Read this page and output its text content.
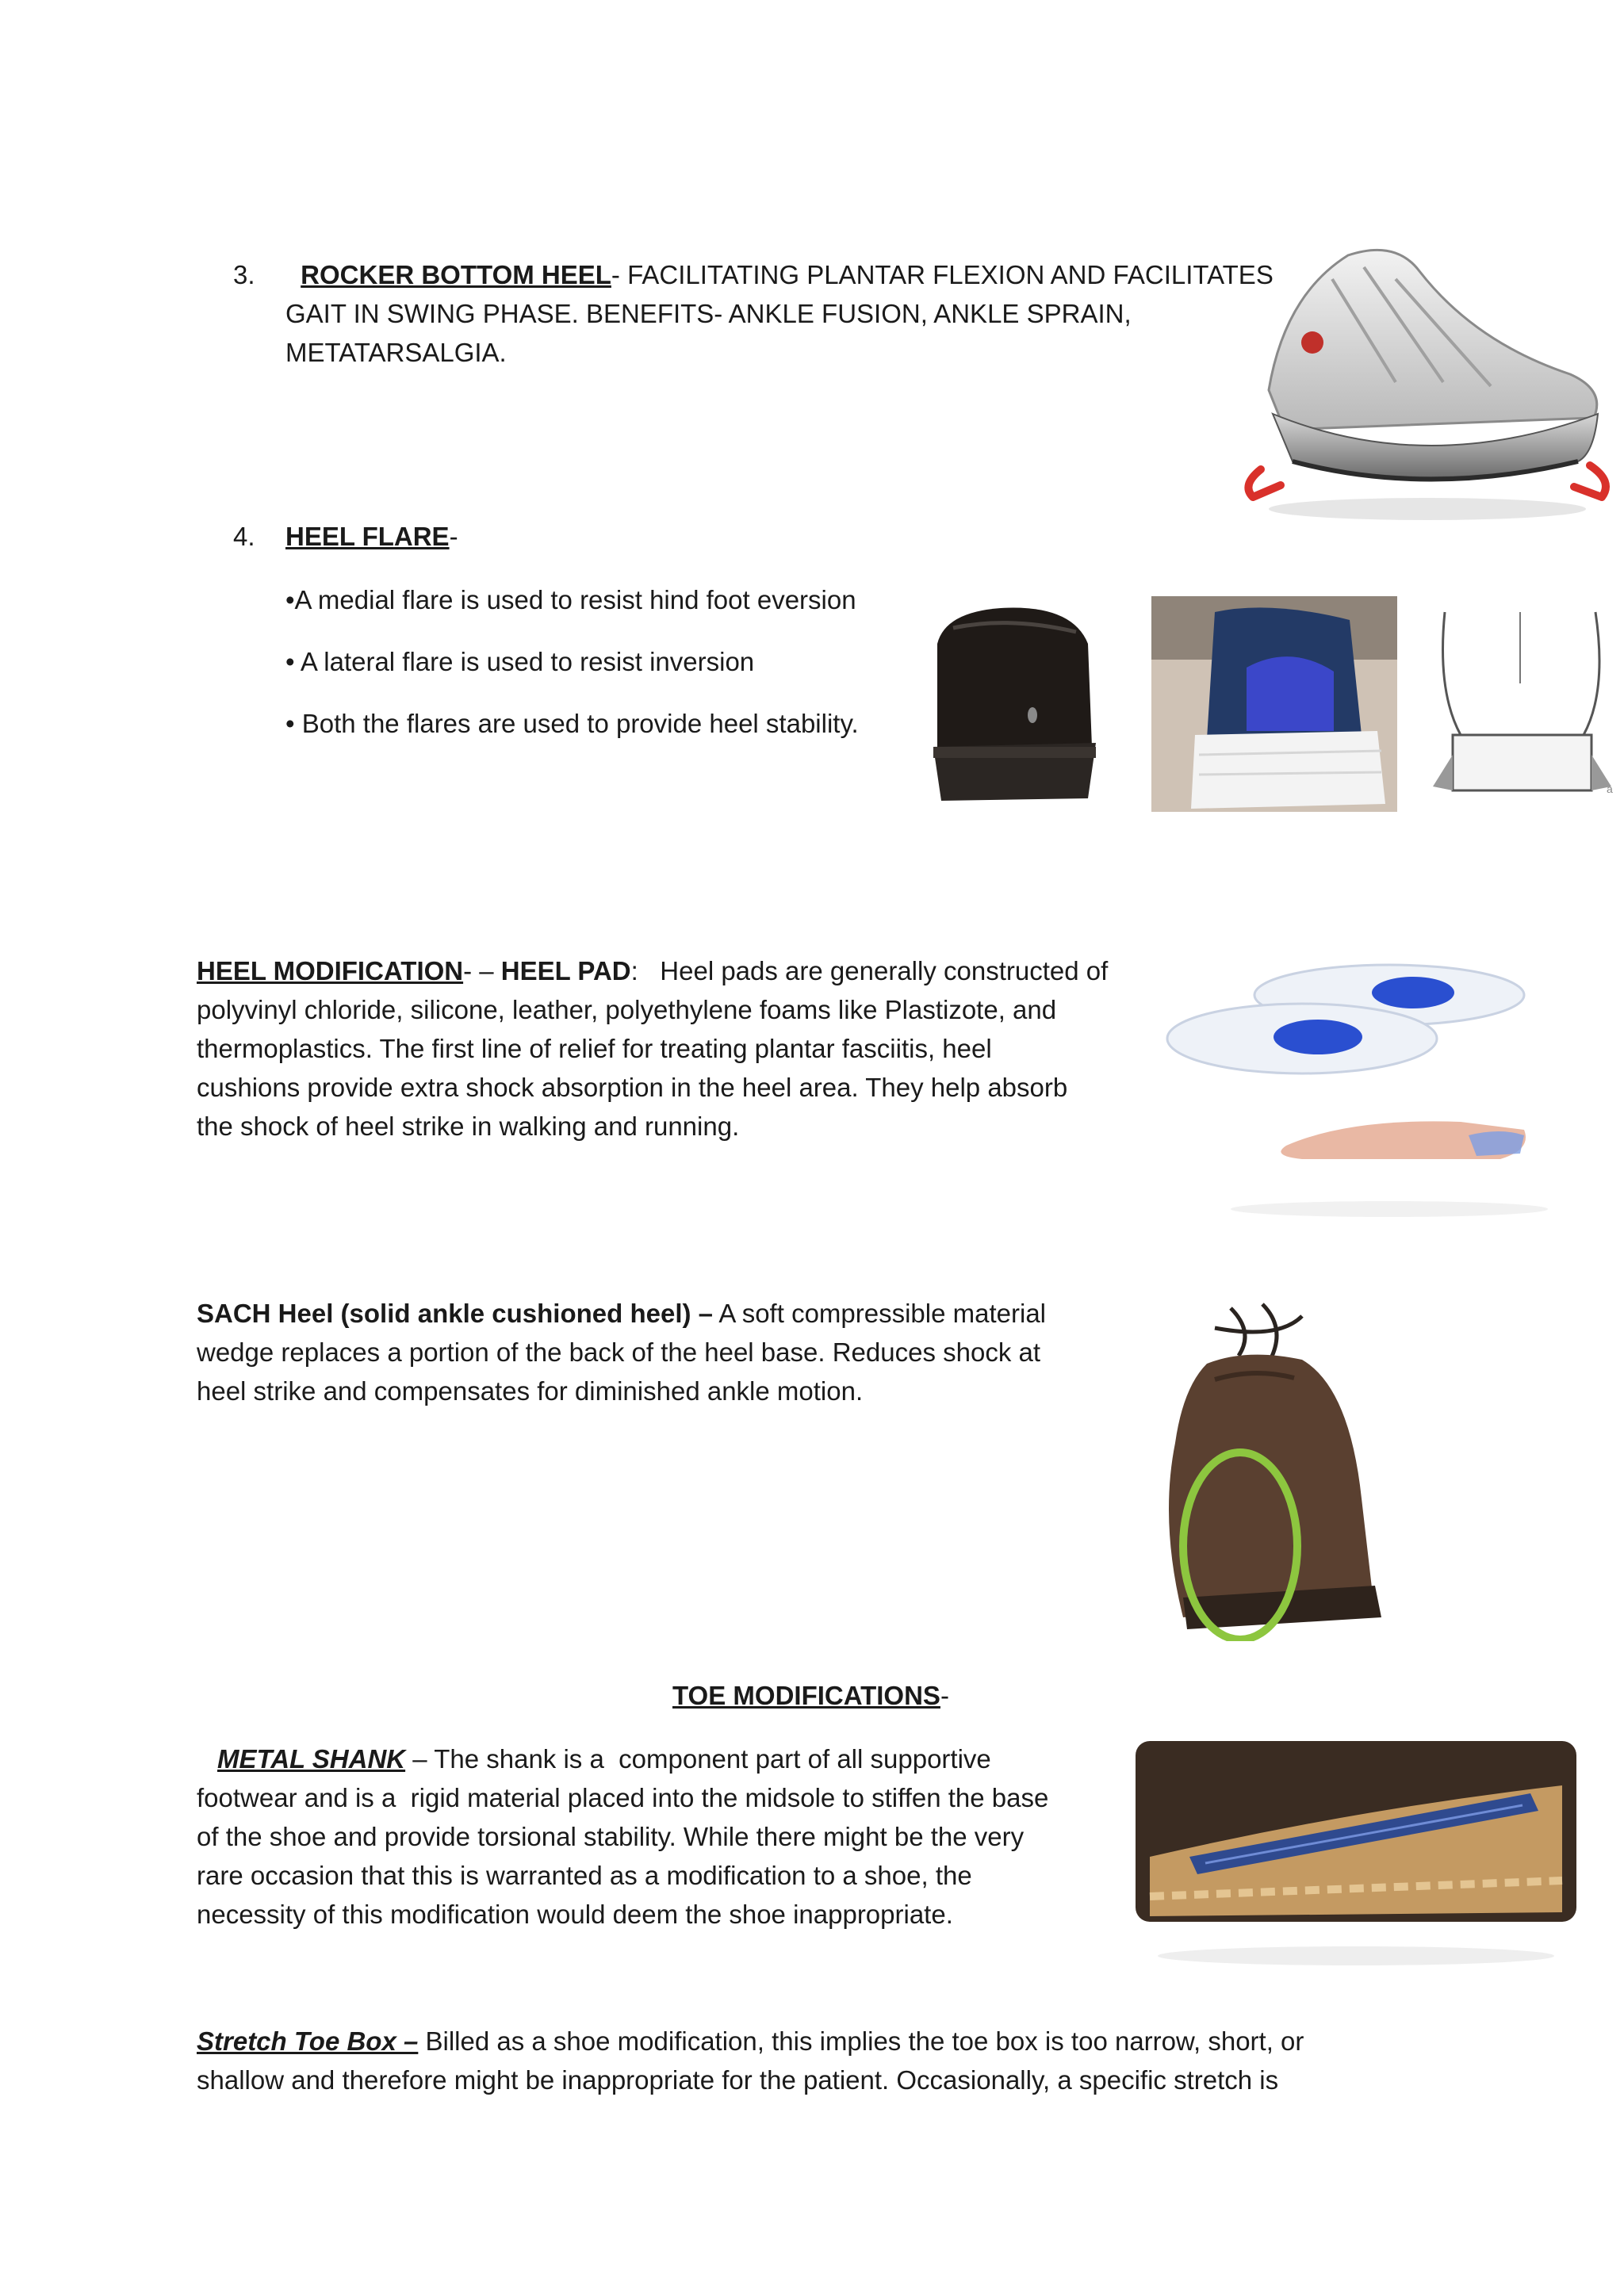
3. ROCKER BOTTOM HEEL- FACILITATING PLANTAR FLEXION AND FACILITATES
GAIT IN SWING PHASE. BENEFITS- ANKLE FUSION, ANKLE SPRAIN,
METATARSALGIA.
4. HEEL FLARE-
•A medial flare is used to resist hind foot eversion
• A lateral flare is used to resist inversion
• Both the flares are used to provide heel stability.
a
HEEL MODIFICATION- – HEEL PAD:   Heel pads are generally constructed of
polyvinyl chloride, silicone, leather, polyethylene foams like Plastizote, and
thermoplastics. The first line of relief for treating plantar fasciitis, heel
cushions provide extra shock absorption in the heel area. They help absorb
the shock of heel strike in walking and running.
SACH Heel (solid ankle cushioned heel) – A soft compressible material
wedge replaces a portion of the back of the heel base. Reduces shock at
heel strike and compensates for diminished ankle motion.
TOE MODIFICATIONS-
METAL SHANK – The shank is a  component part of all supportive
footwear and is a  rigid material placed into the midsole to stiffen the base
of the shoe and provide torsional stability. While there might be the very
rare occasion that this is warranted as a modification to a shoe, the
necessity of this modification would deem the shoe inappropriate.
Stretch Toe Box – Billed as a shoe modification, this implies the toe box is too narrow, short, or
shallow and therefore might be inappropriate for the patient. Occasionally, a specific stretch is
